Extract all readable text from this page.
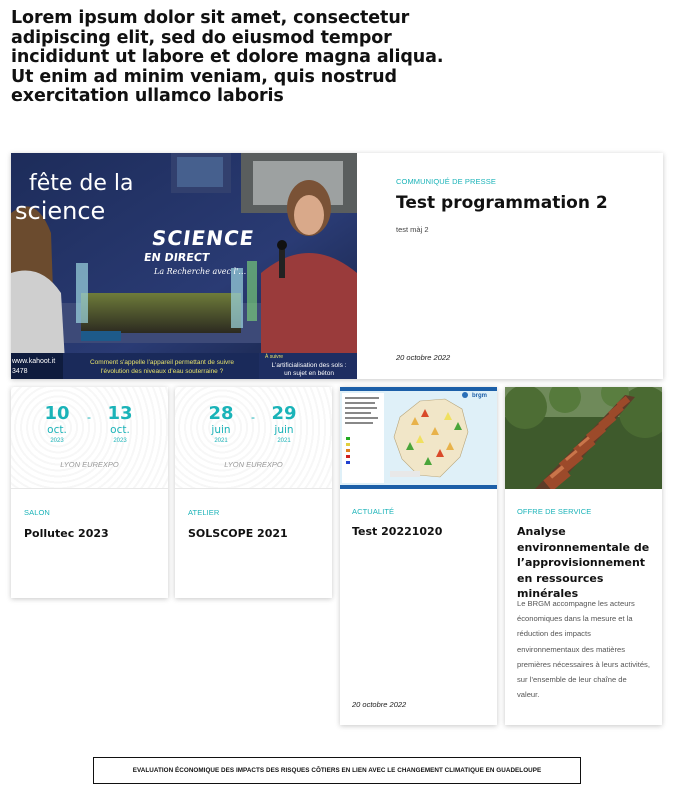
Lorem ipsum dolor sit amet, consectetur adipiscing elit, sed do eiusmod tempor incididunt ut labore et dolore magna aliqua. Ut enim ad minim veniam, quis nostrud exercitation ullamco laboris
fête de la
science
SCIENCE
EN DIRECT
La Recherche avec l'…
www.kahoot.it
3478
Comment s'appelle l'appareil permettant de suivre
l'évolution des niveaux d'eau souterraine ?
À suivre
L'artificialisation des sols :
un sujet en béton
COMMUNIQUÉ DE PRESSE
Test programmation 2
test màj 2
20 octobre 2022
10
oct.
2023
- 13
oct.
2023
LYON EUREXPO
SALON
Pollutec 2023
28
juin
2021
- 29
juin
2021
LYON EUREXPO
ATELIER
SOLSCOPE 2021
brgm
ACTUALITÉ
Test 20221020
20 octobre 2022
OFFRE DE SERVICE
Analyse environnementale de l’approvisionnement en ressources minérales
Le BRGM accompagne les acteurs économiques dans la mesure et la réduction des impacts environnementaux des matières premières nécessaires à leurs activités, sur l’ensemble de leur chaîne de valeur.
EVALUATION ÉCONOMIQUE DES IMPACTS DES RISQUES CÔTIERS EN LIEN AVEC LE CHANGEMENT CLIMATIQUE EN GUADELOUPE
